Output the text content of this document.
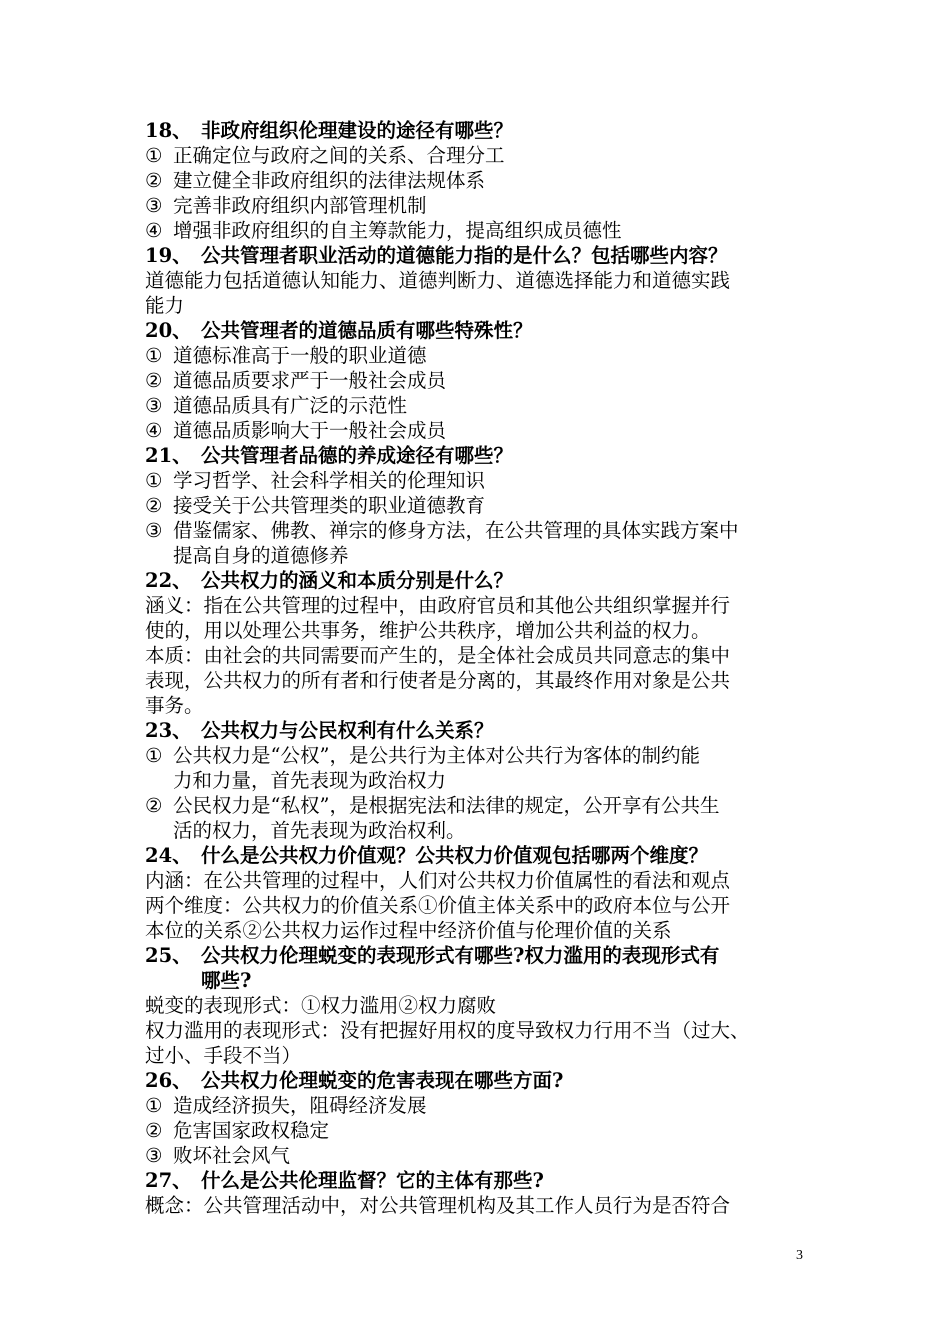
18、 非政府组织伦理建设的途径有哪些？
① 正确定位与政府之间的关系、合理分工
② 建立健全非政府组织的法律法规体系
③ 完善非政府组织内部管理机制
④ 增强非政府组织的自主筹款能力，提高组织成员德性
19、 公共管理者职业活动的道德能力指的是什么？包括哪些内容？
道德能力包括道德认知能力、道德判断力、道德选择能力和道德实践
能力
20、 公共管理者的道德品质有哪些特殊性？
① 道德标准高于一般的职业道德
② 道德品质要求严于一般社会成员
③ 道德品质具有广泛的示范性
④ 道德品质影响大于一般社会成员
21、 公共管理者品德的养成途径有哪些？
① 学习哲学、社会科学相关的伦理知识
② 接受关于公共管理类的职业道德教育
③ 借鉴儒家、佛教、禅宗的修身方法，在公共管理的具体实践方案中
提高自身的道德修养
22、 公共权力的涵义和本质分别是什么？
涵义：指在公共管理的过程中，由政府官员和其他公共组织掌握并行
使的，用以处理公共事务，维护公共秩序，增加公共利益的权力。
本质：由社会的共同需要而产生的，是全体社会成员共同意志的集中
表现，公共权力的所有者和行使者是分离的，其最终作用对象是公共
事务。
23、 公共权力与公民权利有什么关系？
① 公共权力是“公权”，是公共行为主体对公共行为客体的制约能
力和力量，首先表现为政治权力
② 公民权力是“私权”，是根据宪法和法律的规定，公开享有公共生
活的权力，首先表现为政治权利。
24、 什么是公共权力价值观？公共权力价值观包括哪两个维度？
内涵：在公共管理的过程中，人们对公共权力价值属性的看法和观点
两个维度：公共权力的价值关系①价值主体关系中的政府本位与公开
本位的关系②公共权力运作过程中经济价值与伦理价值的关系
25、 公共权力伦理蜕变的表现形式有哪些?权力滥用的表现形式有
哪些?
蜕变的表现形式：①权力滥用②权力腐败
权力滥用的表现形式：没有把握好用权的度导致权力行用不当（过大、
过小、手段不当）
26、 公共权力伦理蜕变的危害表现在哪些方面?
① 造成经济损失，阻碍经济发展
② 危害国家政权稳定
③ 败坏社会风气
27、 什么是公共伦理监督？它的主体有那些?
概念：公共管理活动中，对公共管理机构及其工作人员行为是否符合
3
